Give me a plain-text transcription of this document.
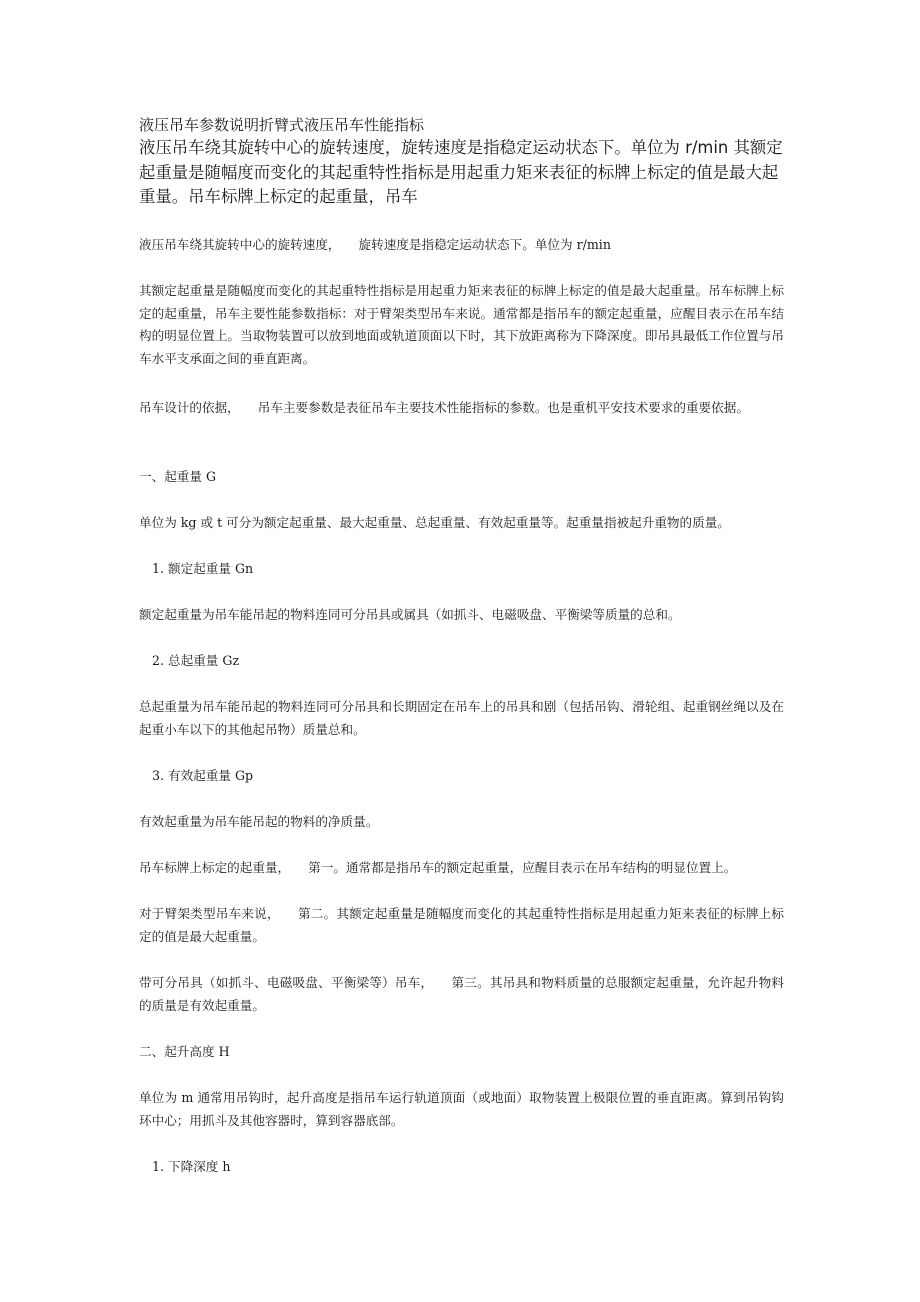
液压吊车参数说明折臂式液压吊车性能指标
液压吊车绕其旋转中心的旋转速度，旋转速度是指稳定运动状态下。单位为 r/min 其额定起重量是随幅度而变化的其起重特性指标是用起重力矩来表征的标牌上标定的值是最大起重量。吊车标牌上标定的起重量，吊车
液压吊车绕其旋转中心的旋转速度， 旋转速度是指稳定运动状态下。单位为 r/min
其额定起重量是随幅度而变化的其起重特性指标是用起重力矩来表征的标牌上标定的值是最大起重量。吊车标牌上标定的起重量，吊车主要性能参数指标：对于臂架类型吊车来说。通常都是指吊车的额定起重量，应醒目表示在吊车结构的明显位置上。当取物装置可以放到地面或轨道顶面以下时，其下放距离称为下降深度。即吊具最低工作位置与吊车水平支承面之间的垂直距离。
吊车设计的依据， 吊车主要参数是表征吊车主要技术性能指标的参数。也是重机平安技术要求的重要依据。
一、起重量 G
单位为 kg 或 t 可分为额定起重量、最大起重量、总起重量、有效起重量等。起重量指被起升重物的质量。
1. 额定起重量 Gn
额定起重量为吊车能吊起的物料连同可分吊具或属具（如抓斗、电磁吸盘、平衡梁等质量的总和。
2. 总起重量 Gz
总起重量为吊车能吊起的物料连同可分吊具和长期固定在吊车上的吊具和剧（包括吊钩、滑轮组、起重钢丝绳以及在起重小车以下的其他起吊物）质量总和。
3. 有效起重量 Gp
有效起重量为吊车能吊起的物料的净质量。
吊车标牌上标定的起重量， 第一。通常都是指吊车的额定起重量，应醒目表示在吊车结构的明显位置上。
对于臂架类型吊车来说， 第二。其额定起重量是随幅度而变化的其起重特性指标是用起重力矩来表征的标牌上标定的值是最大起重量。
带可分吊具（如抓斗、电磁吸盘、平衡梁等）吊车， 第三。其吊具和物料质量的总服额定起重量，允许起升物料的质量是有效起重量。
二、起升高度 H
单位为 m 通常用吊钩时，起升高度是指吊车运行轨道顶面（或地面）取物装置上极限位置的垂直距离。算到吊钩钩环中心；用抓斗及其他容器时，算到容器底部。
1. 下降深度 h
